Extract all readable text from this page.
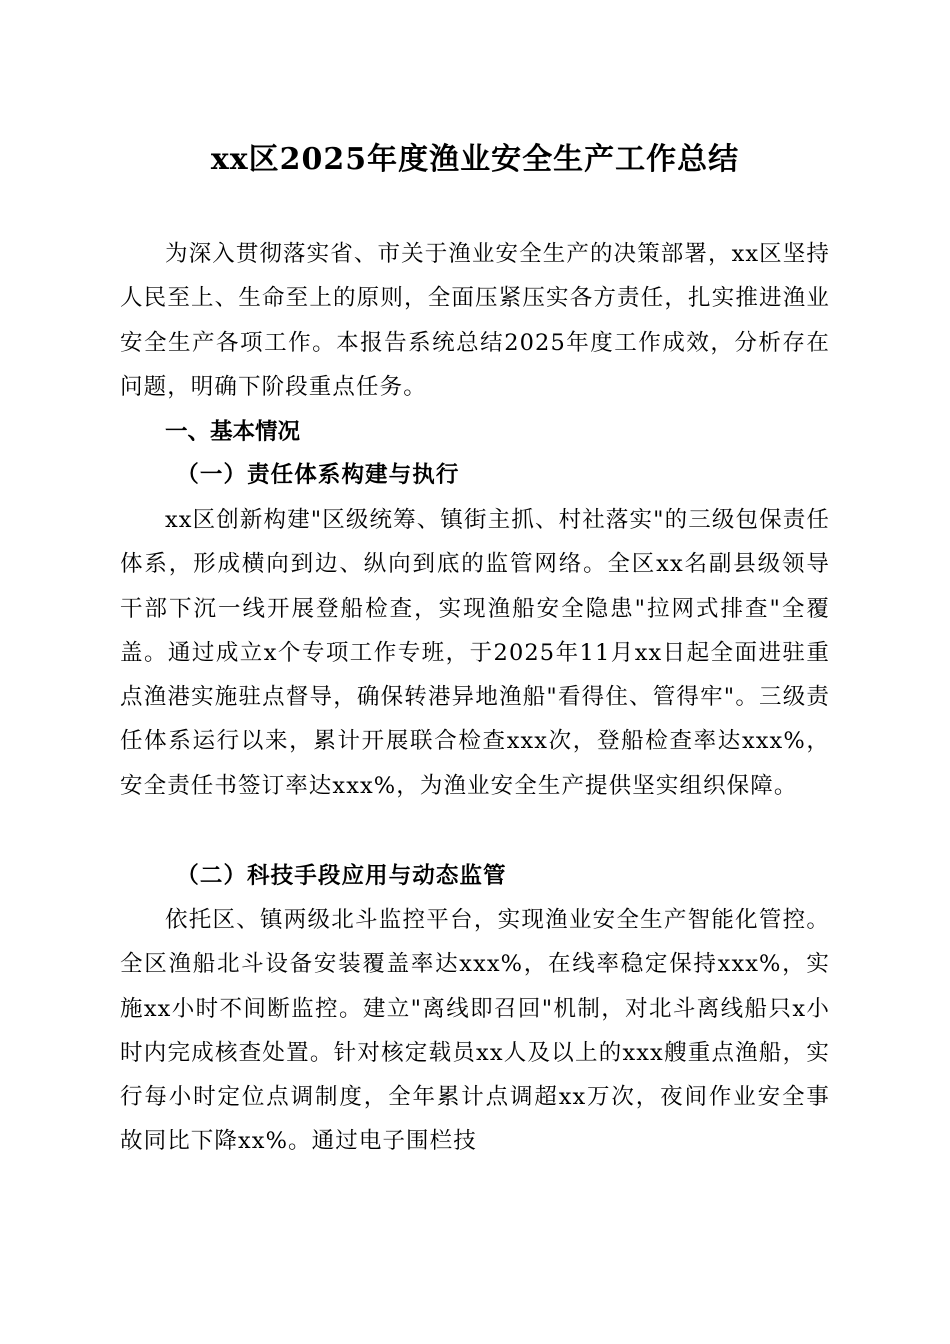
xx区2025年度渔业安全生产工作总结

为深入贯彻落实省、市关于渔业安全生产的决策部署，xx区坚持人民至上、生命至上的原则，全面压紧压实各方责任，扎实推进渔业安全生产各项工作。本报告系统总结2025年度工作成效，分析存在问题，明确下阶段重点任务。

一、基本情况
（一）责任体系构建与执行

xx区创新构建"区级统筹、镇街主抓、村社落实"的三级包保责任体系，形成横向到边、纵向到底的监管网络。全区xx名副县级领导干部下沉一线开展登船检查，实现渔船安全隐患"拉网式排查"全覆盖。通过成立x个专项工作专班，于2025年11月xx日起全面进驻重点渔港实施驻点督导，确保转港异地渔船"看得住、管得牢"。三级责任体系运行以来，累计开展联合检查xxx次，登船检查率达xxx%，安全责任书签订率达xxx%，为渔业安全生产提供坚实组织保障。

（二）科技手段应用与动态监管

依托区、镇两级北斗监控平台，实现渔业安全生产智能化管控。全区渔船北斗设备安装覆盖率达xxx%，在线率稳定保持xxx%，实施xx小时不间断监控。建立"离线即召回"机制，对北斗离线船只x小时内完成核查处置。针对核定载员xx人及以上的xxx艘重点渔船，实行每小时定位点调制度，全年累计点调超xx万次，夜间作业安全事故同比下降xx%。通过电子围栏技
